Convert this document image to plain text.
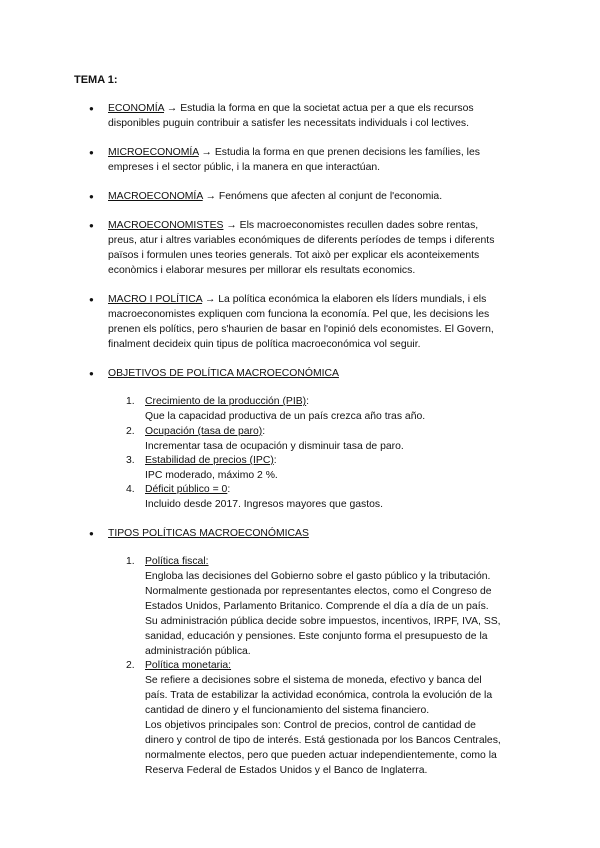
TEMA 1:
● ECONOMÍA → Estudia la forma en que la societat actua per a que els recursos
disponibles puguin contribuir a satisfer les necessitats individuals i col lectives.
● MICROECONOMÍA → Estudia la forma en que prenen decisions les famílies, les
empreses i el sector públic, i la manera en que interactúan.
● MACROECONOMÍA → Fenómens que afecten al conjunt de l'economia.
● MACROECONOMISTES → Els macroeconomistes recullen dades sobre rentas,
preus, atur i altres variables económiques de diferents períodes de temps i diferents
països i formulen unes teories generals. Tot això per explicar els aconteixements
econòmics i elaborar mesures per millorar els resultats economics.
● MACRO I POLÍTICA → La política económica la elaboren els líders mundials, i els
macroeconomistes expliquen com funciona la economía. Pel que, les decisions les
prenen els polítics, pero s'haurien de basar en l'opinió dels economistes. El Govern,
finalment decideix quin tipus de política macroeconómica vol seguir.
● OBJETIVOS DE POLÍTICA MACROECONÓMICA
1. Crecimiento de la producción (PIB):
Que la capacidad productiva de un país crezca año tras año.
2. Ocupación (tasa de paro):
Incrementar tasa de ocupación y disminuir tasa de paro.
3. Estabilidad de precios (IPC):
IPC moderado, máximo 2 %.
4. Déficit público = 0:
Incluido desde 2017. Ingresos mayores que gastos.
● TIPOS POLÍTICAS MACROECONÓMICAS
1. Política fiscal:
Engloba las decisiones del Gobierno sobre el gasto público y la tributación.
Normalmente gestionada por representantes electos, como el Congreso de
Estados Unidos, Parlamento Britanico. Comprende el día a día de un país.
Su administración pública decide sobre impuestos, incentivos, IRPF, IVA, SS,
sanidad, educación y pensiones. Este conjunto forma el presupuesto de la
administración pública.
2. Política monetaria:
Se refiere a decisiones sobre el sistema de moneda, efectivo y banca del
país. Trata de estabilizar la actividad económica, controla la evolución de la
cantidad de dinero y el funcionamiento del sistema financiero.
Los objetivos principales son: Control de precios, control de cantidad de
dinero y control de tipo de interés. Está gestionada por los Bancos Centrales,
normalmente electos, pero que pueden actuar independientemente, como la
Reserva Federal de Estados Unidos y el Banco de Inglaterra.
